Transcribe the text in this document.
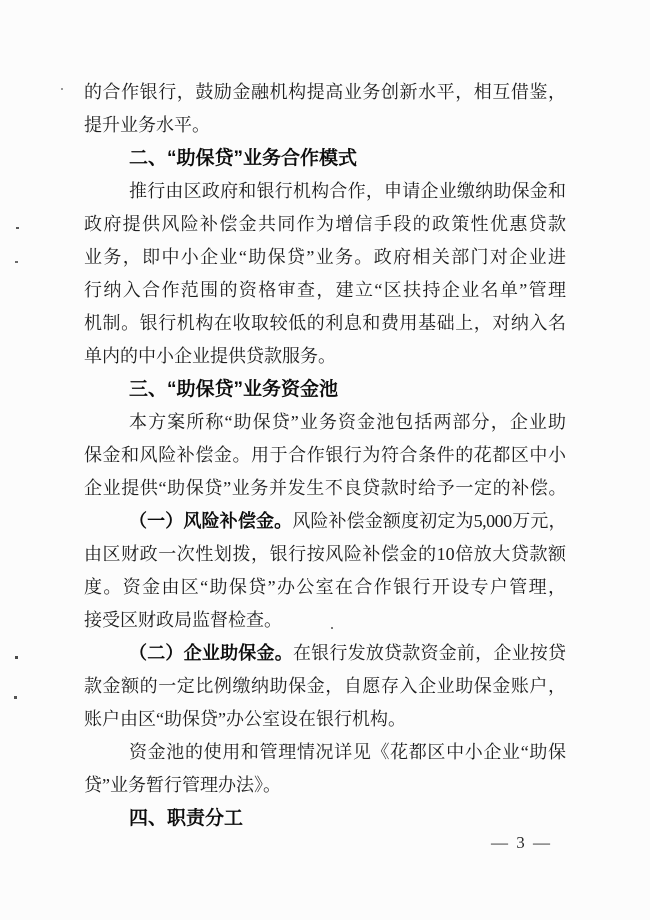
的合作银行，鼓励金融机构提高业务创新水平，相互借鉴，
提升业务水平。
二、“助保贷”业务合作模式
推行由区政府和银行机构合作，申请企业缴纳助保金和
政府提供风险补偿金共同作为增信手段的政策性优惠贷款
业务，即中小企业“助保贷”业务。政府相关部门对企业进
行纳入合作范围的资格审查，建立“区扶持企业名单”管理
机制。银行机构在收取较低的利息和费用基础上，对纳入名
单内的中小企业提供贷款服务。
三、“助保贷”业务资金池
本方案所称“助保贷”业务资金池包括两部分，企业助
保金和风险补偿金。用于合作银行为符合条件的花都区中小
企业提供“助保贷”业务并发生不良贷款时给予一定的补偿。
（一）风险补偿金。风险补偿金额度初定为5,000万元，
由区财政一次性划拨，银行按风险补偿金的10倍放大贷款额
度。资金由区“助保贷”办公室在合作银行开设专户管理，
接受区财政局监督检查。
（二）企业助保金。在银行发放贷款资金前，企业按贷
款金额的一定比例缴纳助保金，自愿存入企业助保金账户，
账户由区“助保贷”办公室设在银行机构。
资金池的使用和管理情况详见《花都区中小企业“助保
贷”业务暂行管理办法》。
四、职责分工
— 3 —
